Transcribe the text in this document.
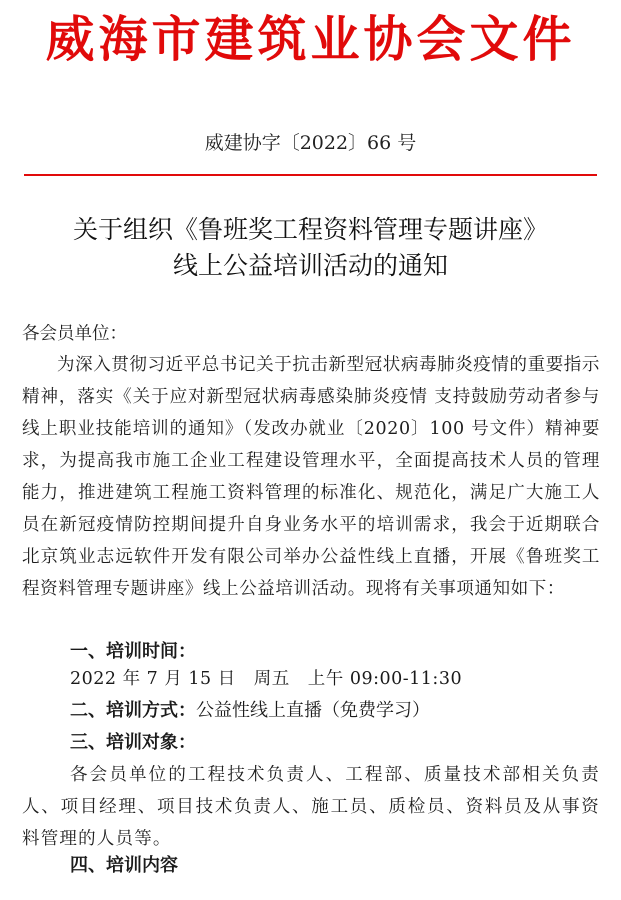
威海市建筑业协会文件
威建协字〔2022〕66 号
关于组织《鲁班奖工程资料管理专题讲座》
线上公益培训活动的通知
各会员单位：
为深入贯彻习近平总书记关于抗击新型冠状病毒肺炎疫情的重要指示精神，落实《关于应对新型冠状病毒感染肺炎疫情 支持鼓励劳动者参与线上职业技能培训的通知》（发改办就业〔2020〕100 号文件）精神要求，为提高我市施工企业工程建设管理水平，全面提高技术人员的管理能力，推进建筑工程施工资料管理的标准化、规范化，满足广大施工人员在新冠疫情防控期间提升自身业务水平的培训需求，我会于近期联合北京筑业志远软件开发有限公司举办公益性线上直播，开展《鲁班奖工程资料管理专题讲座》线上公益培训活动。现将有关事项通知如下：
一、培训时间：
2022 年 7 月 15 日　周五　上午 09:00-11:30
二、培训方式：公益性线上直播（免费学习）
三、培训对象：
各会员单位的工程技术负责人、工程部、质量技术部相关负责人、项目经理、项目技术负责人、施工员、质检员、资料员及从事资料管理的人员等。
四、培训内容
